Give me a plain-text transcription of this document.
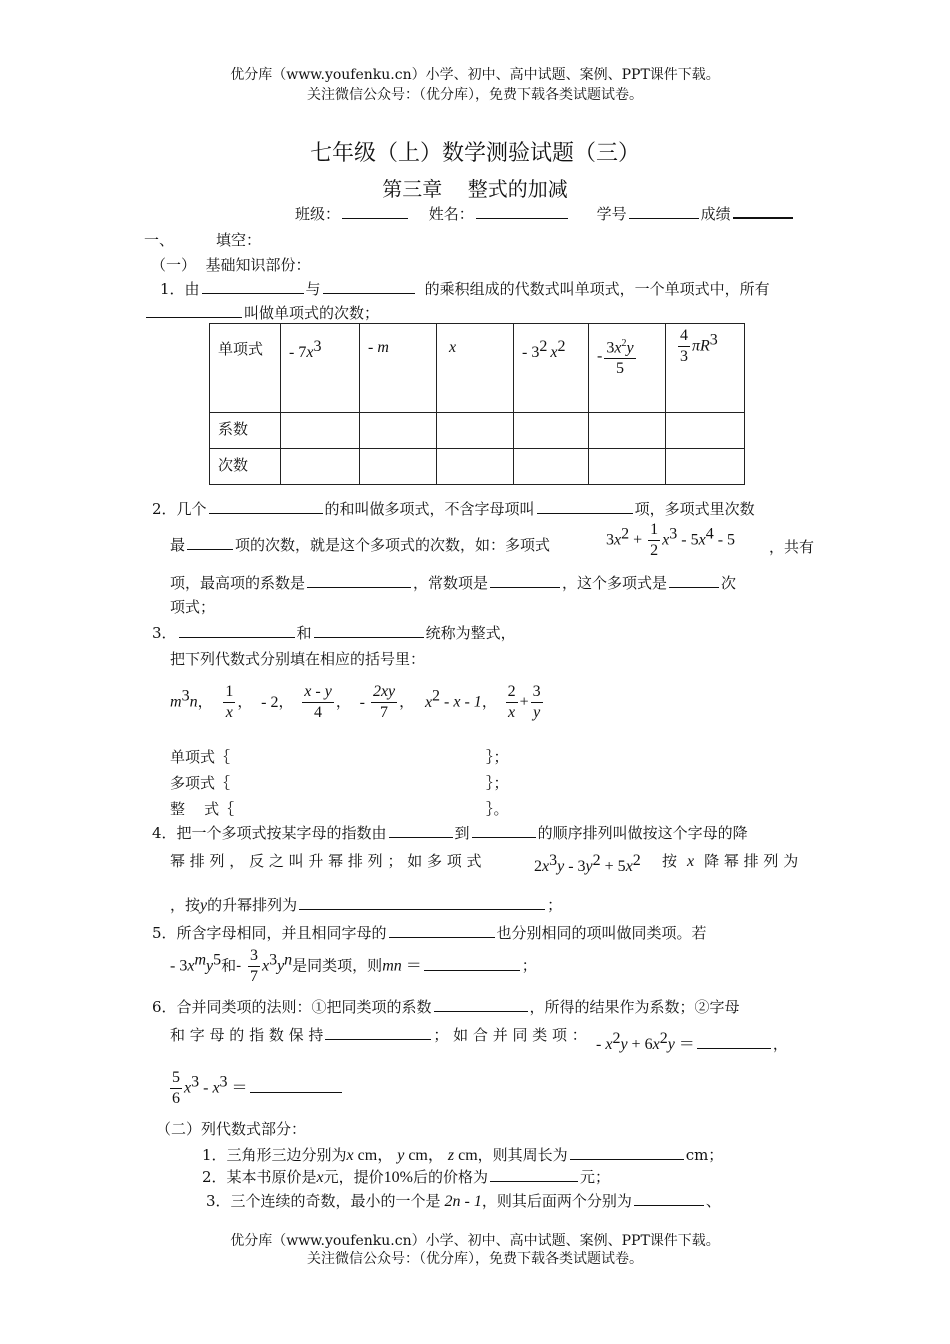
优分库（www.youfenku.cn）小学、初中、高中试题、案例、PPT课件下载。
关注微信公众号：（优分库），免费下载各类试题试卷。
七年级（上）数学测验试题（三）
第三章    整式的加减
班级：	姓名：	学号	成绩
一、	填空：
（一）  基础知识部份：
1．由	与	的乘积组成的代数式叫单项式，一个单项式中，所有
叫做单项式的次数；
单项式	- $7x^3$	- m	x	- $3^2$ $x^2$	- $\frac{3x^2y}{5}$	$\frac{4}{3} \pi R^3$
系数						
次数						
2．几个	的和叫做多项式，不含字母项叫	项，多项式里次数
最	项的次数，就是这个多项式的次数，如：多项式	$3x^2 + \frac{1}{2} x^3 - 5x^4 - 5$ ，共有
项，最高项的系数是	，常数项是	，这个多项式是	次
项式；
3．	和	统称为整式，
把下列代数式分别填在相应的括号里：
$m^3n$， $\frac{1}{x}$ ， - 2， $\frac{x - y}{4}$ ， - $\frac{2xy}{7}$ ， $x^2$ - x - 1， $\frac{2}{x} + \frac{3}{y}$
单项式｛	｝；
多项式｛	｝；
整    式｛	｝。
4．把一个多项式按某字母的指数由	到	的顺序排列叫做按这个字母的降
幂 排 列 ， 反 之 叫 升 幂 排 列 ； 如 多 项 式	$2x^3y - 3y^2 + 5x^2$ 按 x 降 幂 排 列 为
，按y的升幂排列为	；
5．所含字母相同，并且相同字母的	也分别相同的项叫做同类项。若
- $3x^my^5$和- $\frac{3}{7} x^3y^n$是同类项，则mn ＝	；
6．合并同类项的法则：①把同类项的系数	，所得的结果作为系数；②字母
和 字 母 的 指 数 保 持	； 如 合 并 同 类 项 ：
- $x^2y + 6x^2y$ ＝	，
$\frac{5}{6} x^3 - x^3$ ＝
（二）列代数式部分：
1．三角形三边分别为x cm， y cm， z cm，则其周长为	cm；
2．某本书原价是x元，提价10%后的价格为	元；
3．三个连续的奇数，最小的一个是 2n - 1，则其后面两个分别为	、
优分库（www.youfenku.cn）小学、初中、高中试题、案例、PPT课件下载。
关注微信公众号：（优分库），免费下载各类试题试卷。
